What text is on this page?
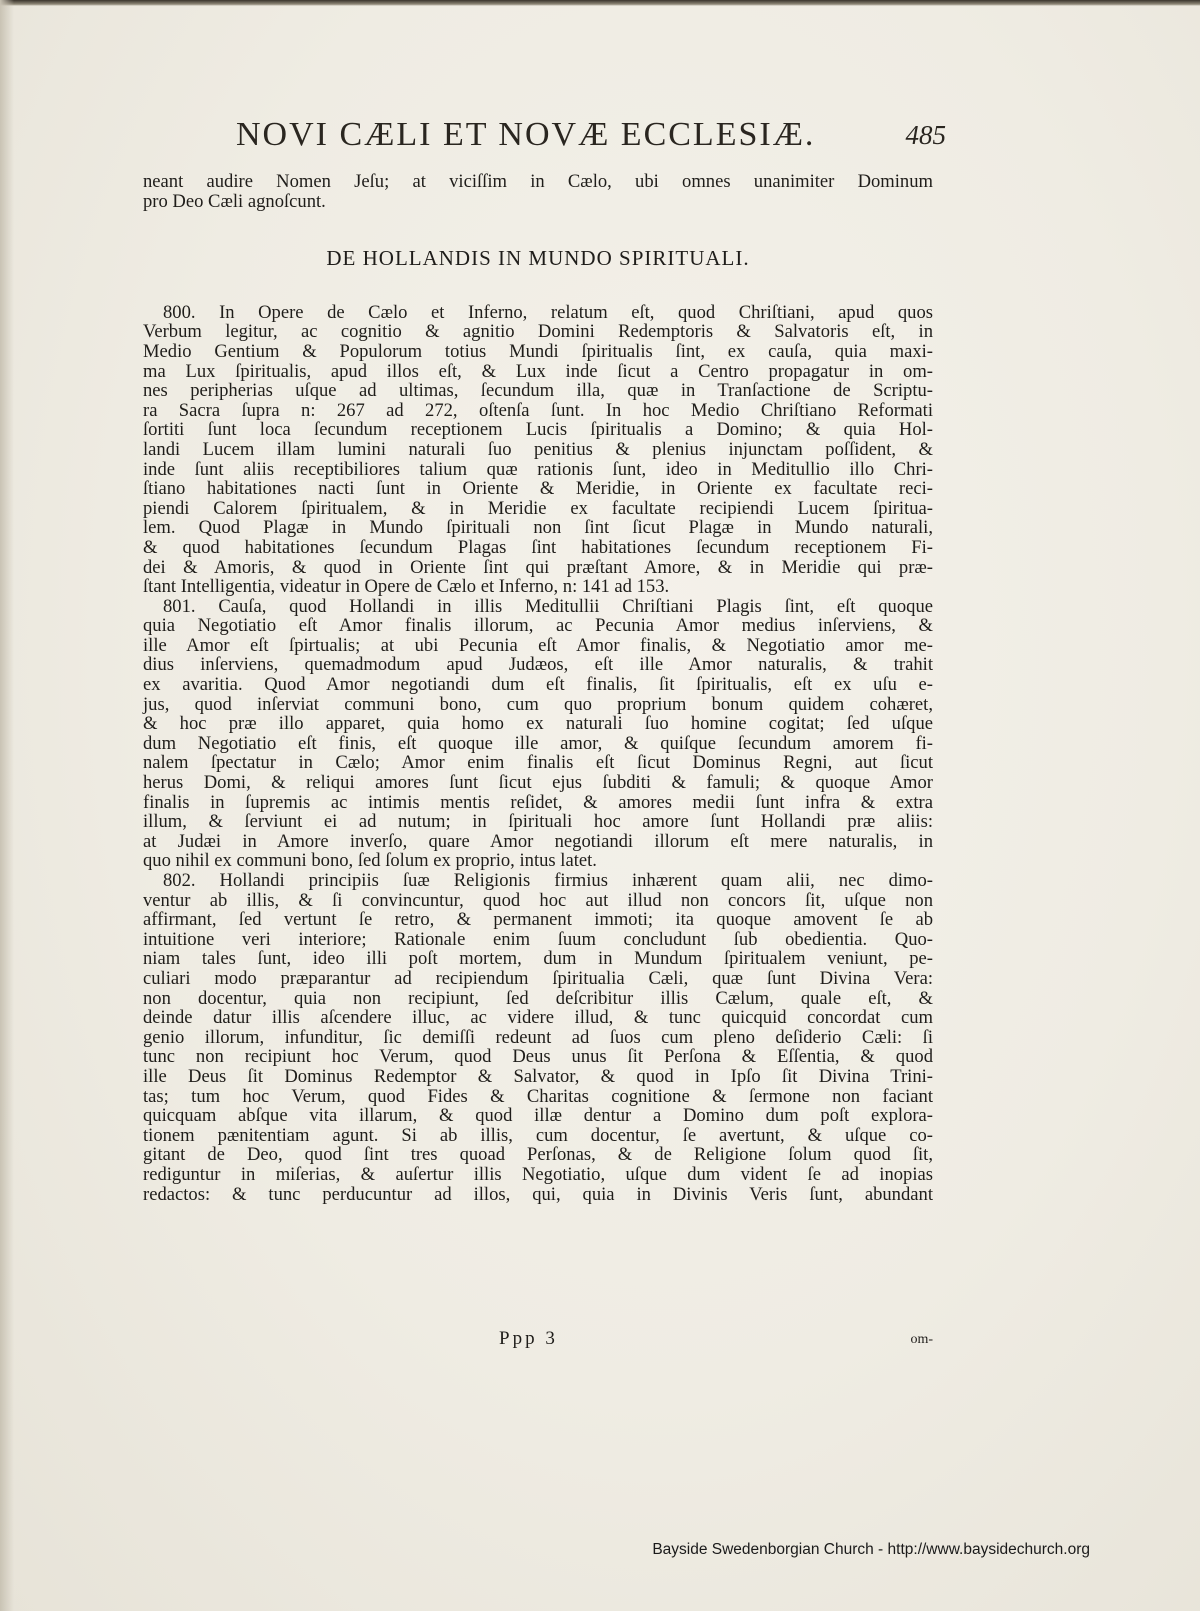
NOVI CÆLI ET NOVÆ ECCLESIÆ.	485
neant audire Nomen Jeſu; at viciſſim in Cælo, ubi omnes unanimiter Dominum
pro Deo Cæli agnoſcunt.
DE HOLLANDIS IN MUNDO SPIRITUALI.
800. In Opere de Cælo et Inferno, relatum eſt, quod Chriſtiani, apud quos
Verbum legitur, ac cognitio & agnitio Domini Redemptoris & Salvatoris eſt, in
Medio Gentium & Populorum totius Mundi ſpiritualis ſint, ex cauſa, quia maxi-
ma Lux ſpiritualis, apud illos eſt, & Lux inde ſicut a Centro propagatur in om-
nes peripherias uſque ad ultimas, ſecundum illa, quæ in Tranſactione de Scriptu-
ra Sacra ſupra n: 267 ad 272, oſtenſa ſunt. In hoc Medio Chriſtiano Reformati
ſortiti ſunt loca ſecundum receptionem Lucis ſpiritualis a Domino; & quia Hol-
landi Lucem illam lumini naturali ſuo penitius & plenius injunctam poſſident, &
inde ſunt aliis receptibiliores talium quæ rationis ſunt, ideo in Meditullio illo Chri-
ſtiano habitationes nacti ſunt in Oriente & Meridie, in Oriente ex facultate reci-
piendi Calorem ſpiritualem, & in Meridie ex facultate recipiendi Lucem ſpiritua-
lem. Quod Plagæ in Mundo ſpirituali non ſint ſicut Plagæ in Mundo naturali,
& quod habitationes ſecundum Plagas ſint habitationes ſecundum receptionem Fi-
dei & Amoris, & quod in Oriente ſint qui præſtant Amore, & in Meridie qui præ-
ſtant Intelligentia, videatur in Opere de Cælo et Inferno, n: 141 ad 153.
801. Cauſa, quod Hollandi in illis Meditullii Chriſtiani Plagis ſint, eſt quoque
quia Negotiatio eſt Amor finalis illorum, ac Pecunia Amor medius inſerviens, &
ille Amor eſt ſpirtualis; at ubi Pecunia eſt Amor finalis, & Negotiatio amor me-
dius inſerviens, quemadmodum apud Judæos, eſt ille Amor naturalis, & trahit
ex avaritia. Quod Amor negotiandi dum eſt finalis, ſit ſpiritualis, eſt ex uſu e-
jus, quod inſerviat communi bono, cum quo proprium bonum quidem cohæret,
& hoc præ illo apparet, quia homo ex naturali ſuo homine cogitat; ſed uſque
dum Negotiatio eſt finis, eſt quoque ille amor, & quiſque ſecundum amorem fi-
nalem ſpectatur in Cælo; Amor enim finalis eſt ſicut Dominus Regni, aut ſicut
herus Domi, & reliqui amores ſunt ſicut ejus ſubditi & famuli; & quoque Amor
finalis in ſupremis ac intimis mentis reſidet, & amores medii ſunt infra & extra
illum, & ſerviunt ei ad nutum; in ſpirituali hoc amore ſunt Hollandi præ aliis:
at Judæi in Amore inverſo, quare Amor negotiandi illorum eſt mere naturalis, in
quo nihil ex communi bono, ſed ſolum ex proprio, intus latet.
802. Hollandi principiis ſuæ Religionis firmius inhærent quam alii, nec dimo-
ventur ab illis, & ſi convincuntur, quod hoc aut illud non concors ſit, uſque non
affirmant, ſed vertunt ſe retro, & permanent immoti; ita quoque amovent ſe ab
intuitione veri interiore; Rationale enim ſuum concludunt ſub obedientia. Quo-
niam tales ſunt, ideo illi poſt mortem, dum in Mundum ſpiritualem veniunt, pe-
culiari modo præparantur ad recipiendum ſpiritualia Cæli, quæ ſunt Divina Vera:
non docentur, quia non recipiunt, ſed deſcribitur illis Cælum, quale eſt, &
deinde datur illis aſcendere illuc, ac videre illud, & tunc quicquid concordat cum
genio illorum, infunditur, ſic demiſſi redeunt ad ſuos cum pleno deſiderio Cæli: ſi
tunc non recipiunt hoc Verum, quod Deus unus ſit Perſona & Eſſentia, & quod
ille Deus ſit Dominus Redemptor & Salvator, & quod in Ipſo ſit Divina Trini-
tas; tum hoc Verum, quod Fides & Charitas cognitione & ſermone non faciant
quicquam abſque vita illarum, & quod illæ dentur a Domino dum poſt explora-
tionem pænitentiam agunt. Si ab illis, cum docentur, ſe avertunt, & uſque co-
gitant de Deo, quod ſint tres quoad Perſonas, & de Religione ſolum quod ſit,
rediguntur in miſerias, & auſertur illis Negotiatio, uſque dum vident ſe ad inopias
redactos: & tunc perducuntur ad illos, qui, quia in Divinis Veris ſunt, abundant
Ppp 3	om-
Bayside Swedenborgian Church - http://www.baysidechurch.org
